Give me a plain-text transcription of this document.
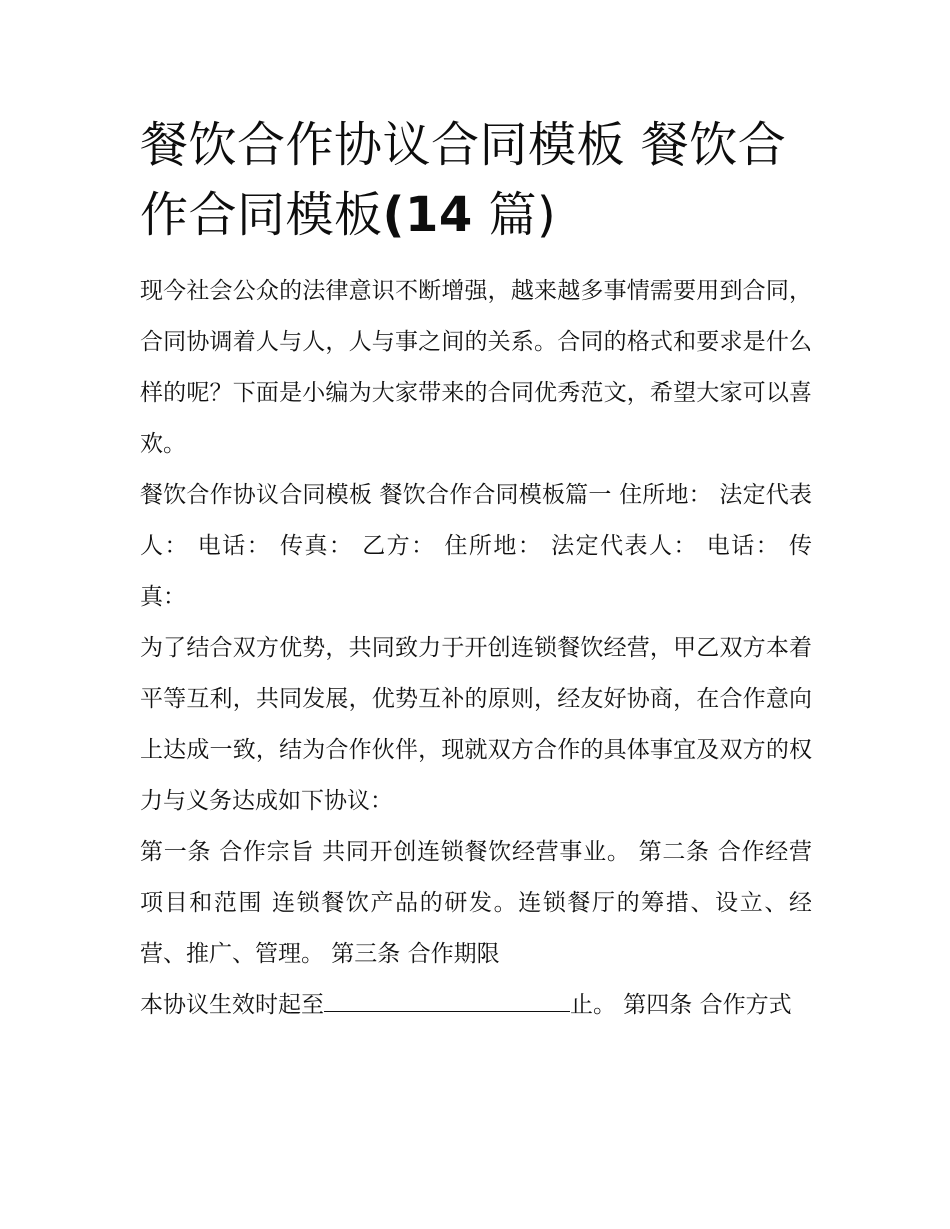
餐饮合作协议合同模板 餐饮合作合同模板(14 篇)

现今社会公众的法律意识不断增强，越来越多事情需要用到合同，合同协调着人与人，人与事之间的关系。合同的格式和要求是什么样的呢？下面是小编为大家带来的合同优秀范文，希望大家可以喜欢。

餐饮合作协议合同模板 餐饮合作合同模板篇一 住所地： 法定代表人： 电话： 传真： 乙方： 住所地： 法定代表人： 电话： 传真：

为了结合双方优势，共同致力于开创连锁餐饮经营，甲乙双方本着平等互利，共同发展，优势互补的原则，经友好协商，在合作意向上达成一致，结为合作伙伴，现就双方合作的具体事宜及双方的权力与义务达成如下协议：

第一条 合作宗旨 共同开创连锁餐饮经营事业。 第二条 合作经营项目和范围 连锁餐饮产品的研发。连锁餐厅的筹措、设立、经营、推广、管理。 第三条 合作期限

本协议生效时起至	止。 第四条 合作方式
